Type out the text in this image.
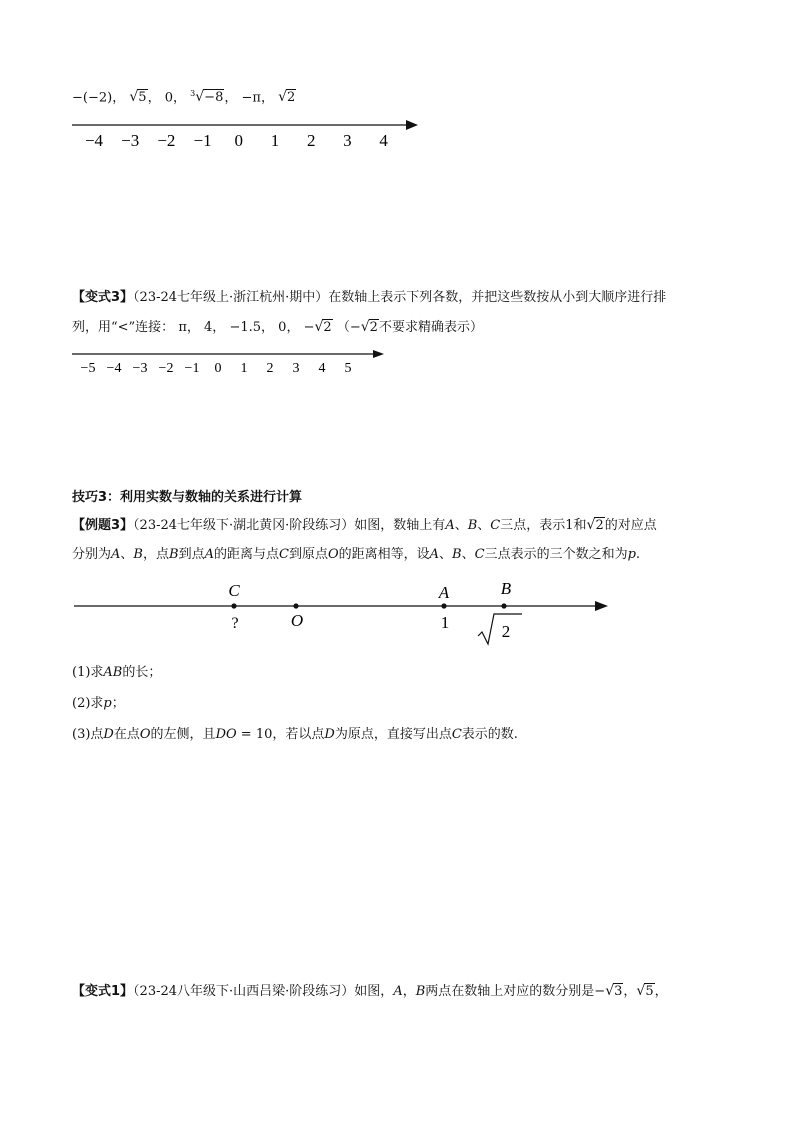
−(−2)， √5， 0， $^3$√−8， −π， √2
−4 −3 −2 −1 0 1 2 3 4
【变式3】（23-24七年级上·浙江杭州·期中）在数轴上表示下列各数，并把这些数按从小到大顺序进行排
列，用“<”连接： π， 4， −1.5， 0， −√2 （−√2不要求精确表示）
−5 −4 −3 −2 −1 0 1 2 3 4 5
技巧3：利用实数与数轴的关系进行计算
【例题3】（23-24七年级下·湖北黄冈·阶段练习）如图，数轴上有A、B、C三点，表示1和√2的对应点
分别为A、B，点B到点A的距离与点C到原点O的距离相等，设A、B、C三点表示的三个数之和为p.
C	A	B
?	O	1	2
(1)求AB的长；
(2)求p；
(3)点D在点O的左侧，且DO = 10，若以点D为原点，直接写出点C表示的数.
【变式1】（23-24八年级下·山西吕梁·阶段练习）如图，A，B两点在数轴上对应的数分别是−√3，√5，
